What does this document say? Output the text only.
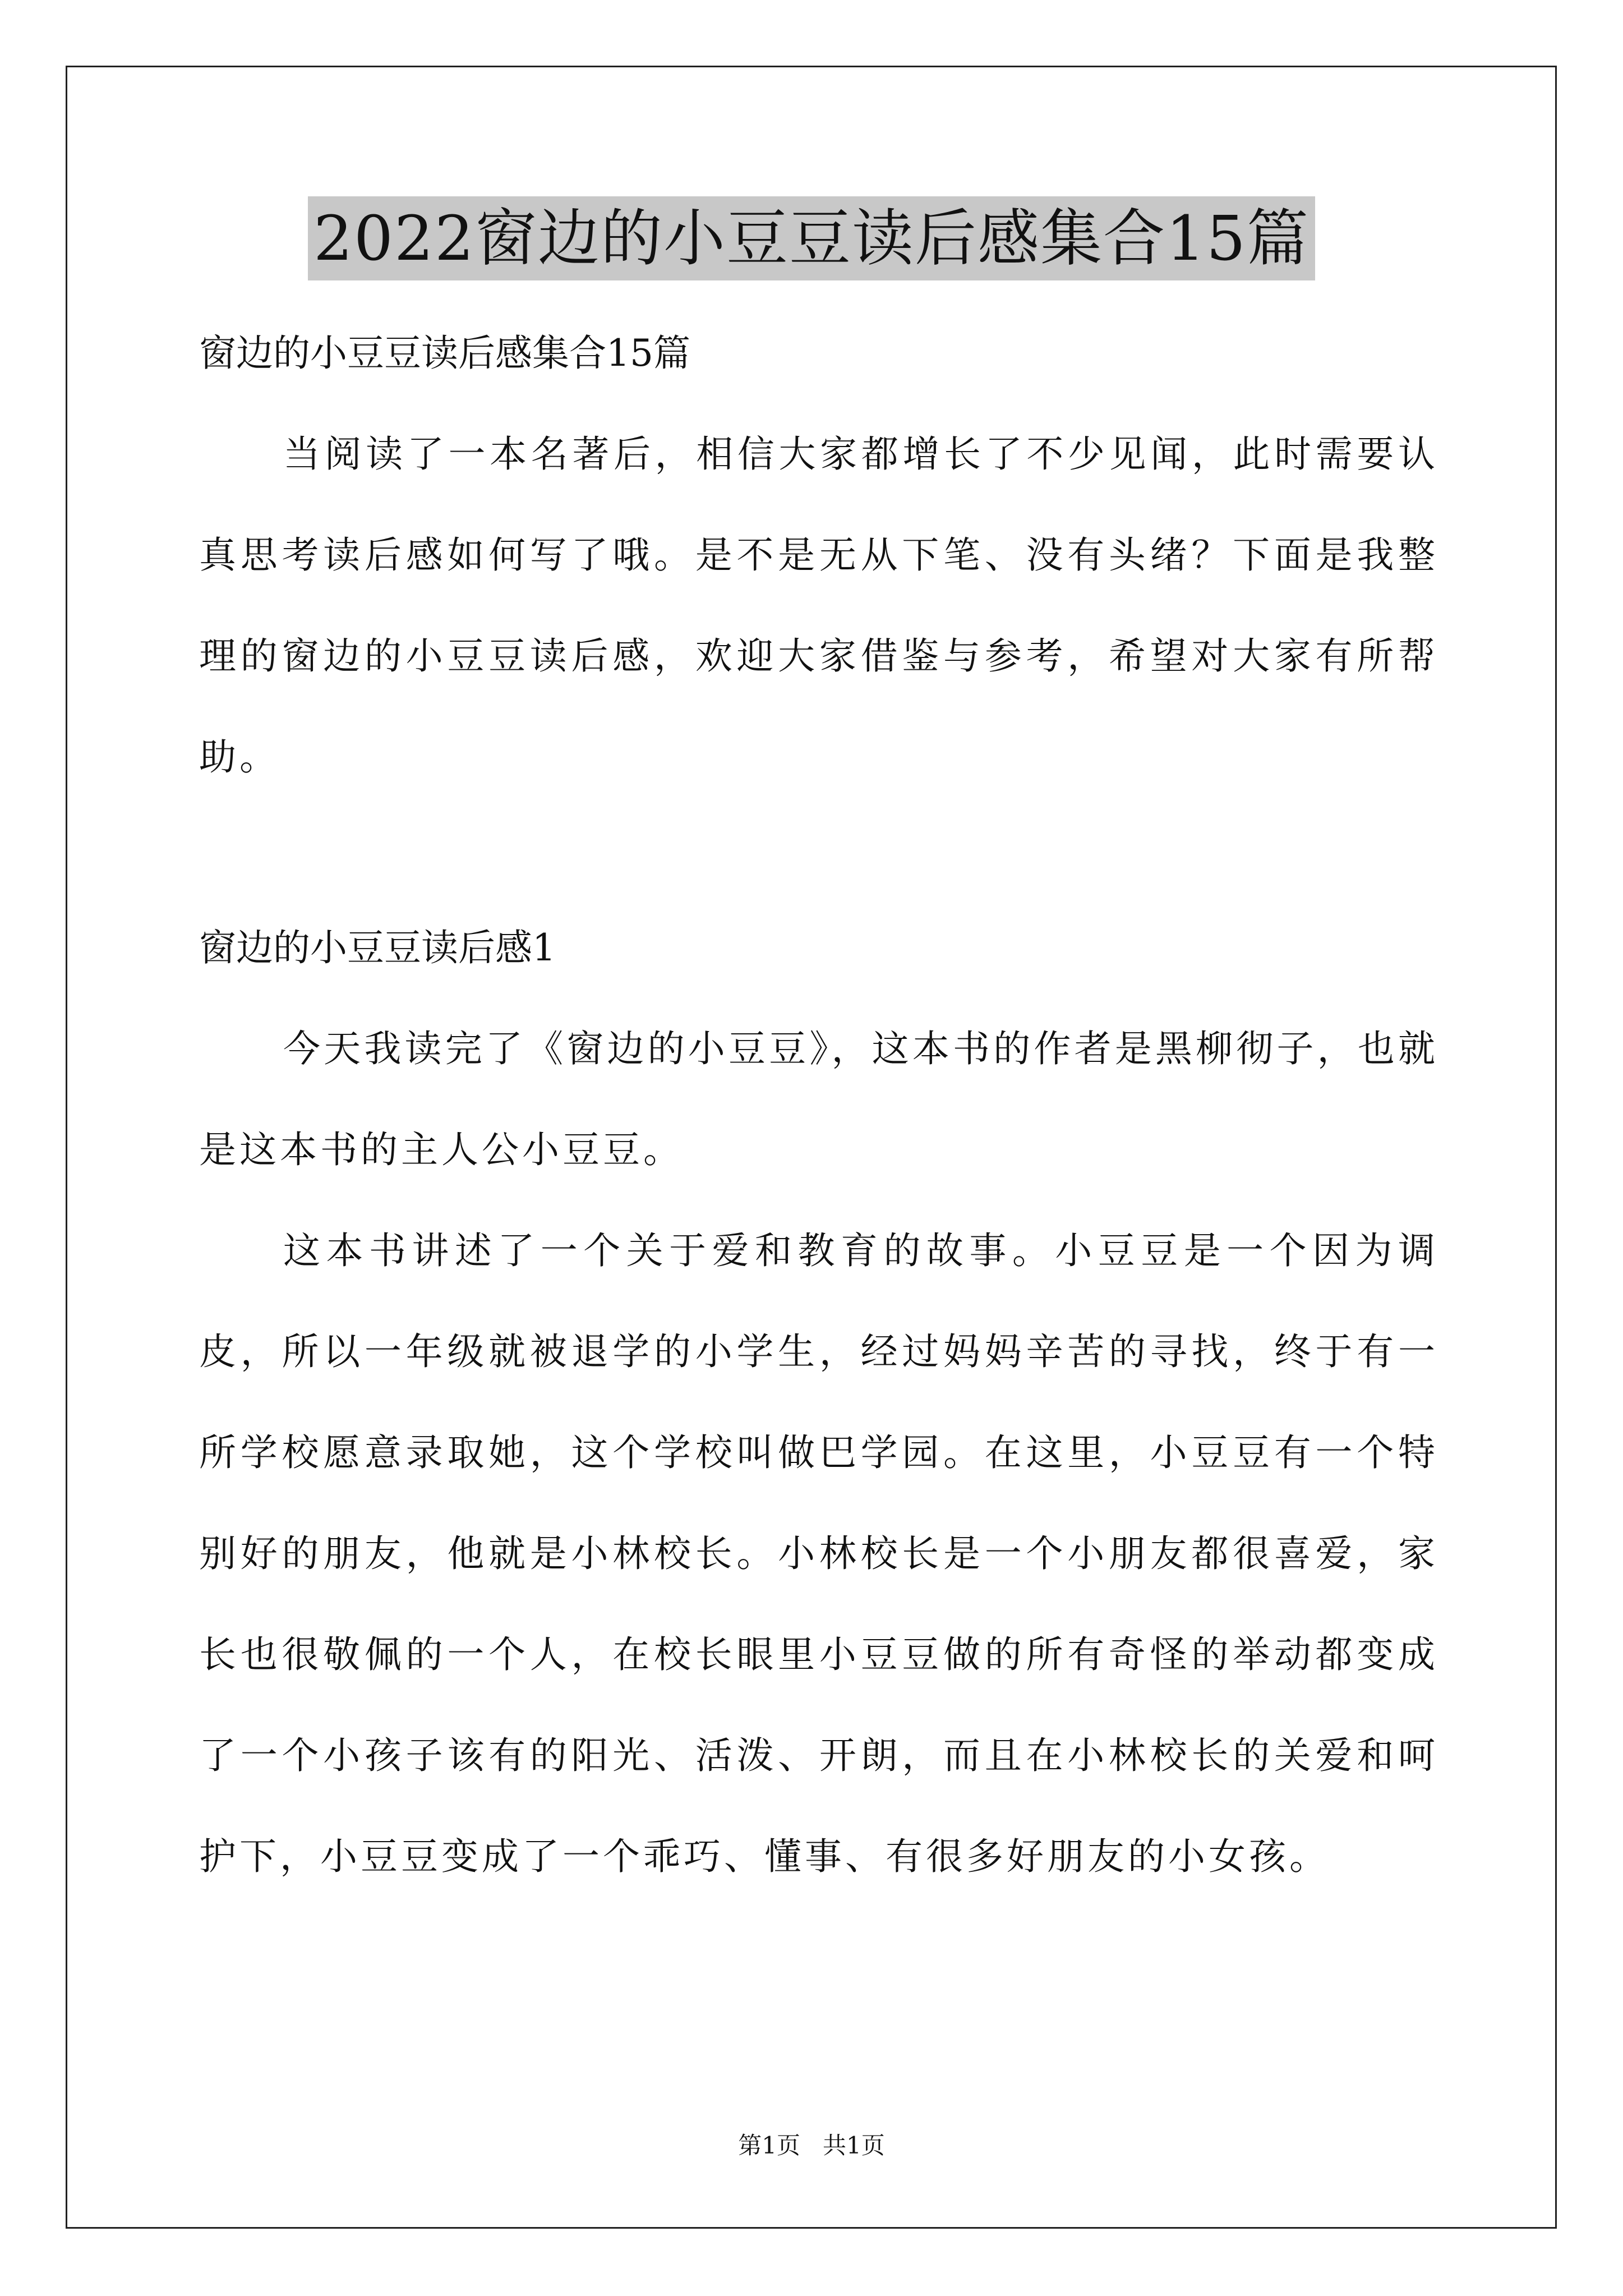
2022窗边的小豆豆读后感集合15篇

窗边的小豆豆读后感集合15篇

当阅读了一本名著后，相信大家都增长了不少见闻，此时需要认真思考读后感如何写了哦。是不是无从下笔、没有头绪？下面是我整理的窗边的小豆豆读后感，欢迎大家借鉴与参考，希望对大家有所帮助。

窗边的小豆豆读后感1

今天我读完了《窗边的小豆豆》，这本书的作者是黑柳彻子，也就是这本书的主人公小豆豆。

这本书讲述了一个关于爱和教育的故事。小豆豆是一个因为调皮，所以一年级就被退学的小学生，经过妈妈辛苦的寻找，终于有一所学校愿意录取她，这个学校叫做巴学园。在这里，小豆豆有一个特别好的朋友，他就是小林校长。小林校长是一个小朋友都很喜爱，家长也很敬佩的一个人，在校长眼里小豆豆做的所有奇怪的举动都变成了一个小孩子该有的阳光、活泼、开朗，而且在小林校长的关爱和呵护下，小豆豆变成了一个乖巧、懂事、有很多好朋友的小女孩。

第1页 共1页
